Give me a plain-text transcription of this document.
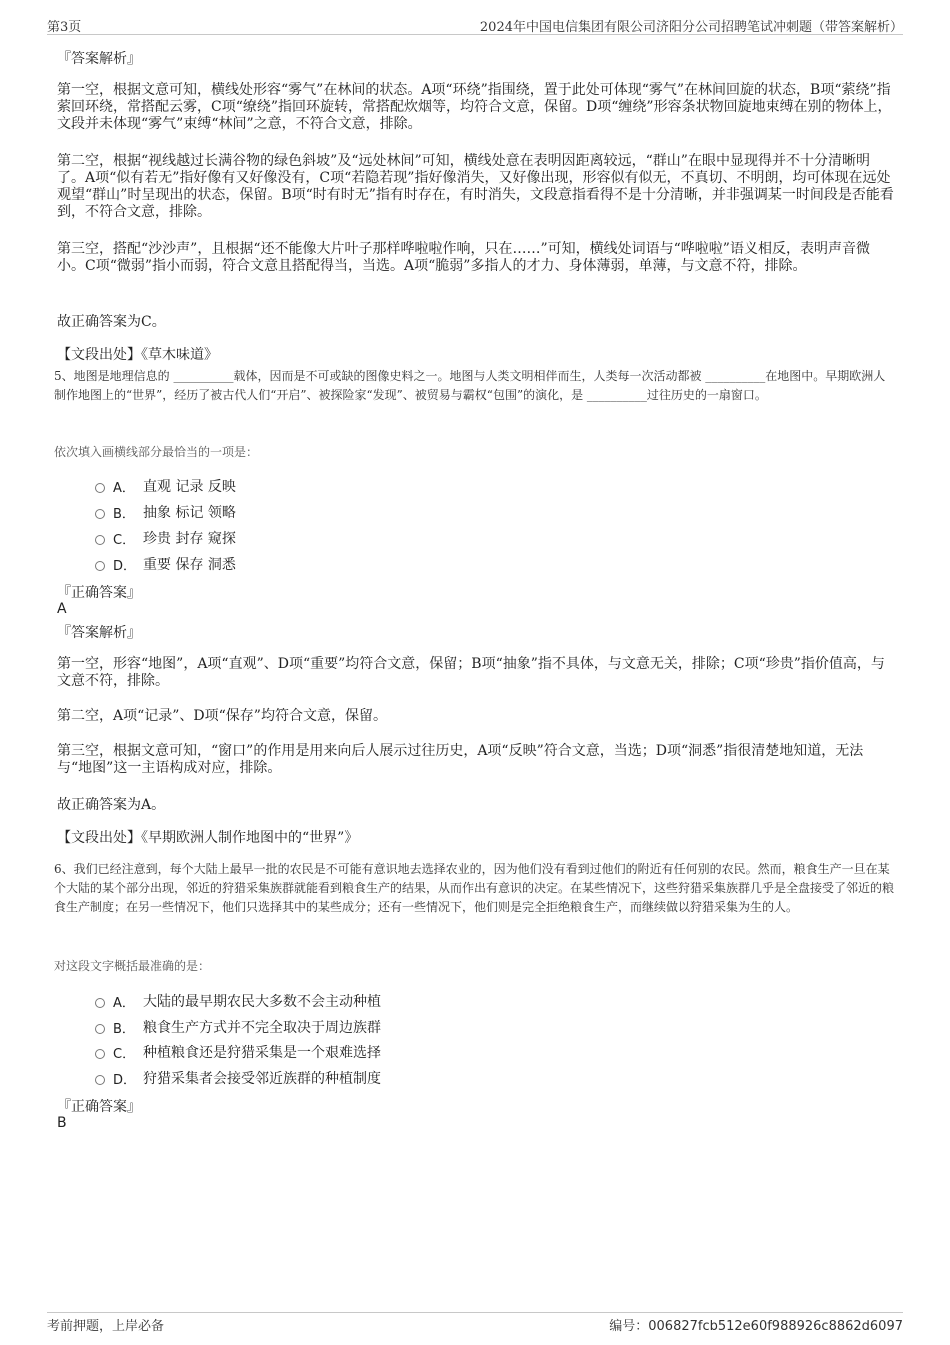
第3页	2024年中国电信集团有限公司济阳分公司招聘笔试冲刺题（带答案解析）
『答案解析』

第一空，根据文意可知，横线处形容“雾气”在林间的状态。A项“环绕”指围绕，置于此处可体现“雾气”在林间回旋的状态，B项“萦绕”指萦回环绕，常搭配云雾，C项“缭绕”指回环旋转，常搭配炊烟等，均符合文意，保留。D项“缠绕”形容条状物回旋地束缚在别的物体上，文段并未体现“雾气”束缚“林间”之意，不符合文意，排除。

第二空，根据“视线越过长满谷物的绿色斜坡”及“远处林间”可知，横线处意在表明因距离较远，“群山”在眼中显现得并不十分清晰明了。A项“似有若无”指好像有又好像没有，C项“若隐若现”指好像消失，又好像出现，形容似有似无，不真切、不明朗，均可体现在远处观望“群山”时呈现出的状态，保留。B项“时有时无”指有时存在，有时消失，文段意指看得不是十分清晰，并非强调某一时间段是否能看到，不符合文意，排除。

第三空，搭配“沙沙声”，且根据“还不能像大片叶子那样哗啦啦作响，只在……”可知，横线处词语与“哗啦啦”语义相反，表明声音微小。C项“微弱”指小而弱，符合文意且搭配得当，当选。A项“脆弱”多指人的才力、身体薄弱，单薄，与文意不符，排除。

故正确答案为C。
【文段出处】《草木味道》

5、地图是地理信息的 __________载体，因而是不可或缺的图像史料之一。地图与人类文明相伴而生，人类每一次活动都被 __________在地图中。早期欧洲人制作地图上的“世界”，经历了被古代人们“开启”、被探险家“发现”、被贸易与霸权“包围”的演化，是 __________过往历史的一扇窗口。

依次填入画横线部分最恰当的一项是：
A． 直观 记录 反映
B． 抽象 标记 领略
C． 珍贵 封存 窥探
D． 重要 保存 洞悉
『正确答案』
A
『答案解析』

第一空，形容“地图”，A项“直观”、D项“重要”均符合文意，保留；B项“抽象”指不具体，与文意无关，排除；C项“珍贵”指价值高，与文意不符，排除。

第二空，A项“记录”、D项“保存”均符合文意，保留。

第三空，根据文意可知，“窗口”的作用是用来向后人展示过往历史，A项“反映”符合文意，当选；D项“洞悉”指很清楚地知道，无法与“地图”这一主语构成对应，排除。

故正确答案为A。
【文段出处】《早期欧洲人制作地图中的“世界”》

6、我们已经注意到，每个大陆上最早一批的农民是不可能有意识地去选择农业的，因为他们没有看到过他们的附近有任何别的农民。然而，粮食生产一旦在某个大陆的某个部分出现，邻近的狩猎采集族群就能看到粮食生产的结果，从而作出有意识的决定。在某些情况下，这些狩猎采集族群几乎是全盘接受了邻近的粮食生产制度；在另一些情况下，他们只选择其中的某些成分；还有一些情况下，他们则是完全拒绝粮食生产，而继续做以狩猎采集为生的人。

对这段文字概括最准确的是：
A． 大陆的最早期农民大多数不会主动种植
B． 粮食生产方式并不完全取决于周边族群
C． 种植粮食还是狩猎采集是一个艰难选择
D． 狩猎采集者会接受邻近族群的种植制度
『正确答案』
B
考前押题，上岸必备	编号：006827fcb512e60f988926c8862d6097
